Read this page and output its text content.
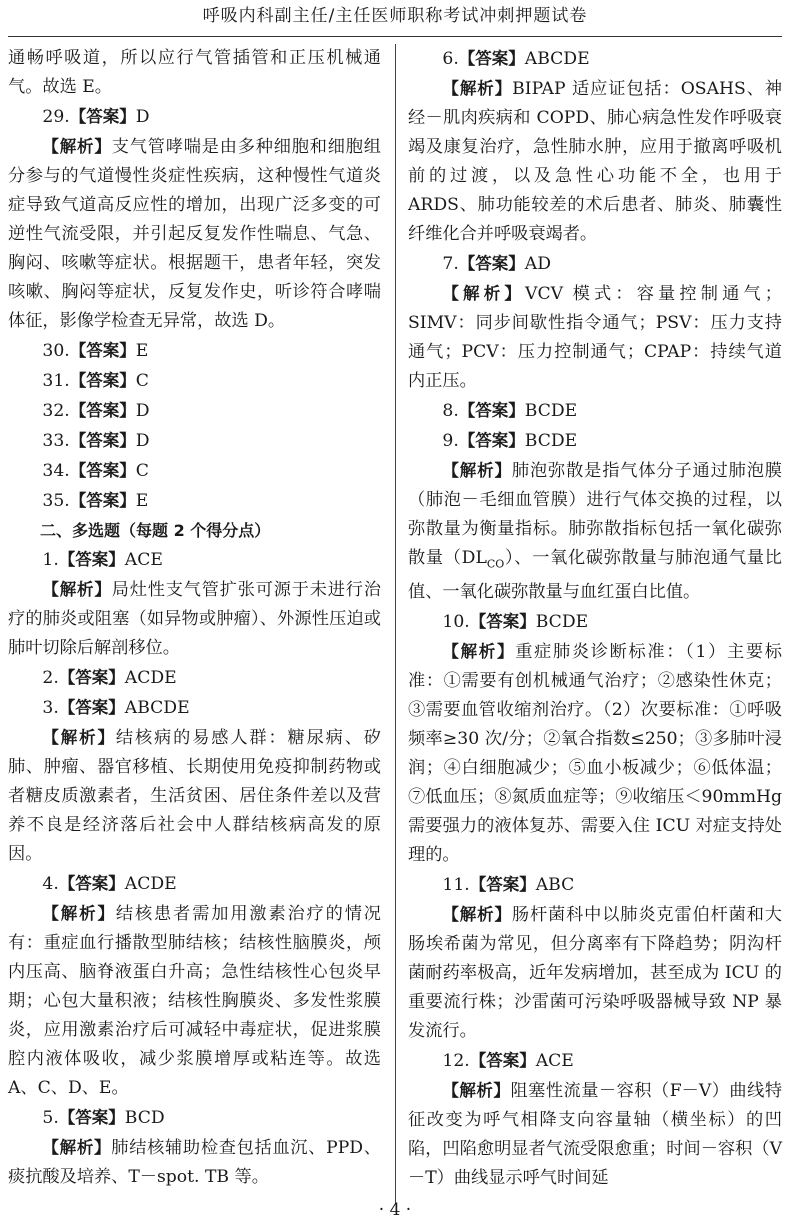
呼吸内科副主任/主任医师职称考试冲刺押题试卷

通畅呼吸道，所以应行气管插管和正压机械通气。故选 E。

29.【答案】D

【解析】支气管哮喘是由多种细胞和细胞组分参与的气道慢性炎症性疾病，这种慢性气道炎症导致气道高反应性的增加，出现广泛多变的可逆性气流受限，并引起反复发作性喘息、气急、胸闷、咳嗽等症状。根据题干，患者年轻，突发咳嗽、胸闷等症状，反复发作史，听诊符合哮喘体征，影像学检查无异常，故选 D。

30.【答案】E

31.【答案】C

32.【答案】D

33.【答案】D

34.【答案】C

35.【答案】E

二、多选题（每题 2 个得分点）

1.【答案】ACE

【解析】局灶性支气管扩张可源于未进行治疗的肺炎或阻塞（如异物或肿瘤）、外源性压迫或肺叶切除后解剖移位。

2.【答案】ACDE

3.【答案】ABCDE

【解析】结核病的易感人群：糖尿病、矽肺、肿瘤、器官移植、长期使用免疫抑制药物或者糖皮质激素者，生活贫困、居住条件差以及营养不良是经济落后社会中人群结核病高发的原因。

4.【答案】ACDE

【解析】结核患者需加用激素治疗的情况有：重症血行播散型肺结核；结核性脑膜炎，颅内压高、脑脊液蛋白升高；急性结核性心包炎早期；心包大量积液；结核性胸膜炎、多发性浆膜炎，应用激素治疗后可减轻中毒症状，促进浆膜腔内液体吸收，减少浆膜增厚或粘连等。故选 A、C、D、E。

5.【答案】BCD

【解析】肺结核辅助检查包括血沉、PPD、痰抗酸及培养、T－spot. TB 等。

6.【答案】ABCDE

【解析】BIPAP 适应证包括：OSAHS、神经－肌肉疾病和 COPD、肺心病急性发作呼吸衰竭及康复治疗，急性肺水肿，应用于撤离呼吸机前的过渡，以及急性心功能不全，也用于 ARDS、肺功能较差的术后患者、肺炎、肺囊性纤维化合并呼吸衰竭者。

7.【答案】AD

【解析】VCV 模式：容量控制通气；SIMV：同步间歇性指令通气；PSV：压力支持通气；PCV：压力控制通气；CPAP：持续气道内正压。

8.【答案】BCDE

9.【答案】BCDE

【解析】肺泡弥散是指气体分子通过肺泡膜（肺泡－毛细血管膜）进行气体交换的过程，以弥散量为衡量指标。肺弥散指标包括一氧化碳弥散量$(DL_{CO})$、一氧化碳弥散量与肺泡通气量比值、一氧化碳弥散量与血红蛋白比值。

10.【答案】BCDE

【解析】重症肺炎诊断标准：（1）主要标准：①需要有创机械通气治疗；②感染性休克；③需要血管收缩剂治疗。（2）次要标准：①呼吸频率≥30 次/分；②氧合指数≤250；③多肺叶浸润；④白细胞减少；⑤血小板减少；⑥低体温；⑦低血压；⑧氮质血症等；⑨收缩压＜90mmHg 需要强力的液体复苏、需要入住 ICU 对症支持处理的。

11.【答案】ABC

【解析】肠杆菌科中以肺炎克雷伯杆菌和大肠埃希菌为常见，但分离率有下降趋势；阴沟杆菌耐药率极高，近年发病增加，甚至成为 ICU 的重要流行株；沙雷菌可污染呼吸器械导致 NP 暴发流行。

12.【答案】ACE

【解析】阻塞性流量－容积（F－V）曲线特征改变为呼气相降支向容量轴（横坐标）的凹陷，凹陷愈明显者气流受限愈重；时间－容积（V－T）曲线显示呼气时间延

· 4 ·
